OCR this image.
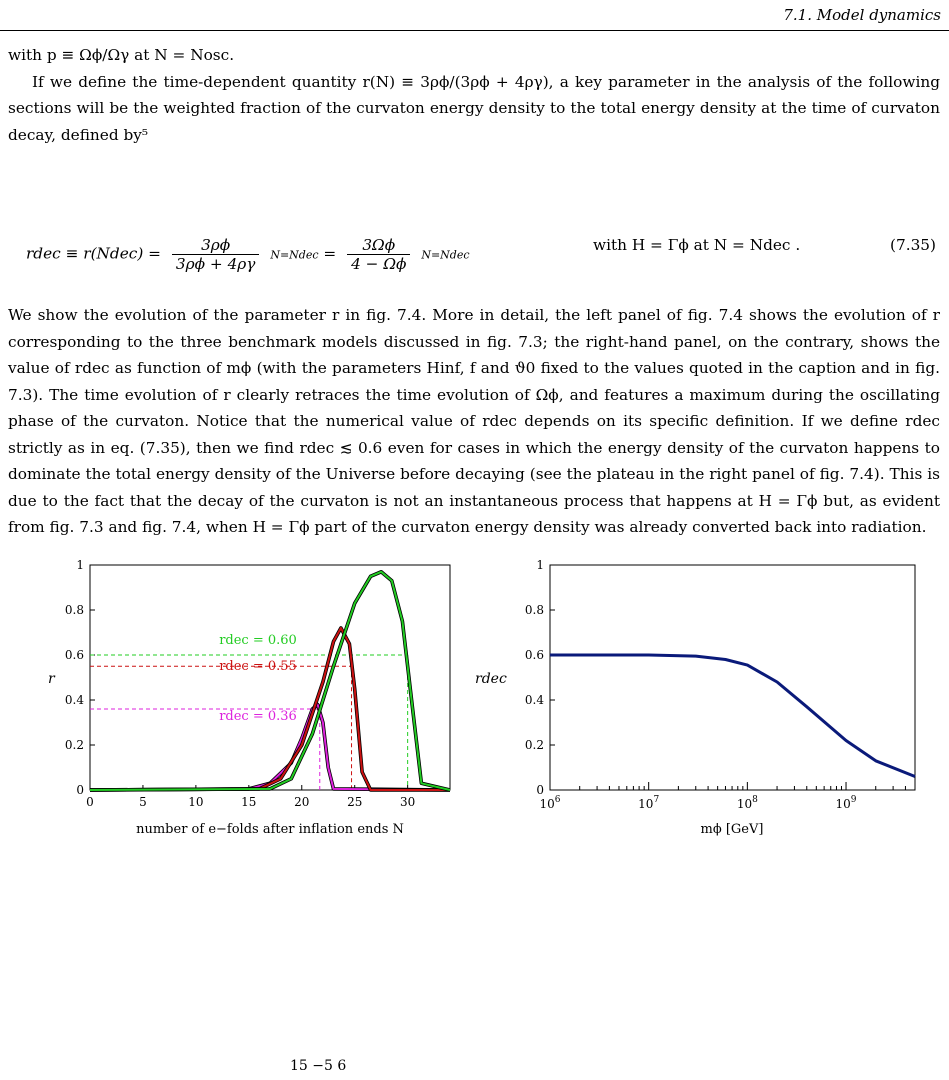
7.1. Model dynamics

with p ≡ Ωϕ/Ωγ at N = Nosc.

If we define the time-dependent quantity r(N) ≡ 3ρϕ/(3ρϕ + 4ργ), a key parameter in the analysis of the following sections will be the weighted fraction of the curvaton energy density to the total energy density at the time of curvaton decay, defined by⁵

rdec ≡ r(Ndec) = $\frac{3\rho\phi}{3\rho\phi + 4\rho\gamma}$ N=Ndec = $\frac{3\Omega\phi}{4 - \Omega\phi}$ N=Ndec
with H = Γϕ at N = Ndec .	(7.35)

We show the evolution of the parameter r in fig. 7.4. More in detail, the left panel of fig. 7.4 shows the evolution of r corresponding to the three benchmark models discussed in fig. 7.3; the right-hand panel, on the contrary, shows the value of rdec as function of mϕ (with the parameters Hinf, f and ϑ0 fixed to the values quoted in the caption and in fig. 7.3). The time evolution of r clearly retraces the time evolution of Ωϕ, and features a maximum during the oscillating phase of the curvaton. Notice that the numerical value of rdec depends on its specific definition. If we define rdec strictly as in eq. (7.35), then we find rdec ≲ 0.6 even for cases in which the energy density of the curvaton happens to dominate the total energy density of the Universe before decaying (see the plateau in the right panel of fig. 7.4). This is due to the fact that the decay of the curvaton is not an instantaneous process that happens at H = Γϕ but, as evident from fig. 7.3 and fig. 7.4, when H = Γϕ part of the curvaton energy density was already converted back into radiation.

0
0.2
0.4
0.6
0.8
1
0	5	10	15	20	25	30
r
number of e−folds after inflation ends N
rdec = 0.60
rdec = 0.55
rdec = 0.36
0
0.2
0.4
0.6
0.8
1
$10^6$	$10^7$	$10^8$	$10^9$
rdec
mϕ [GeV]
15 −5 6
